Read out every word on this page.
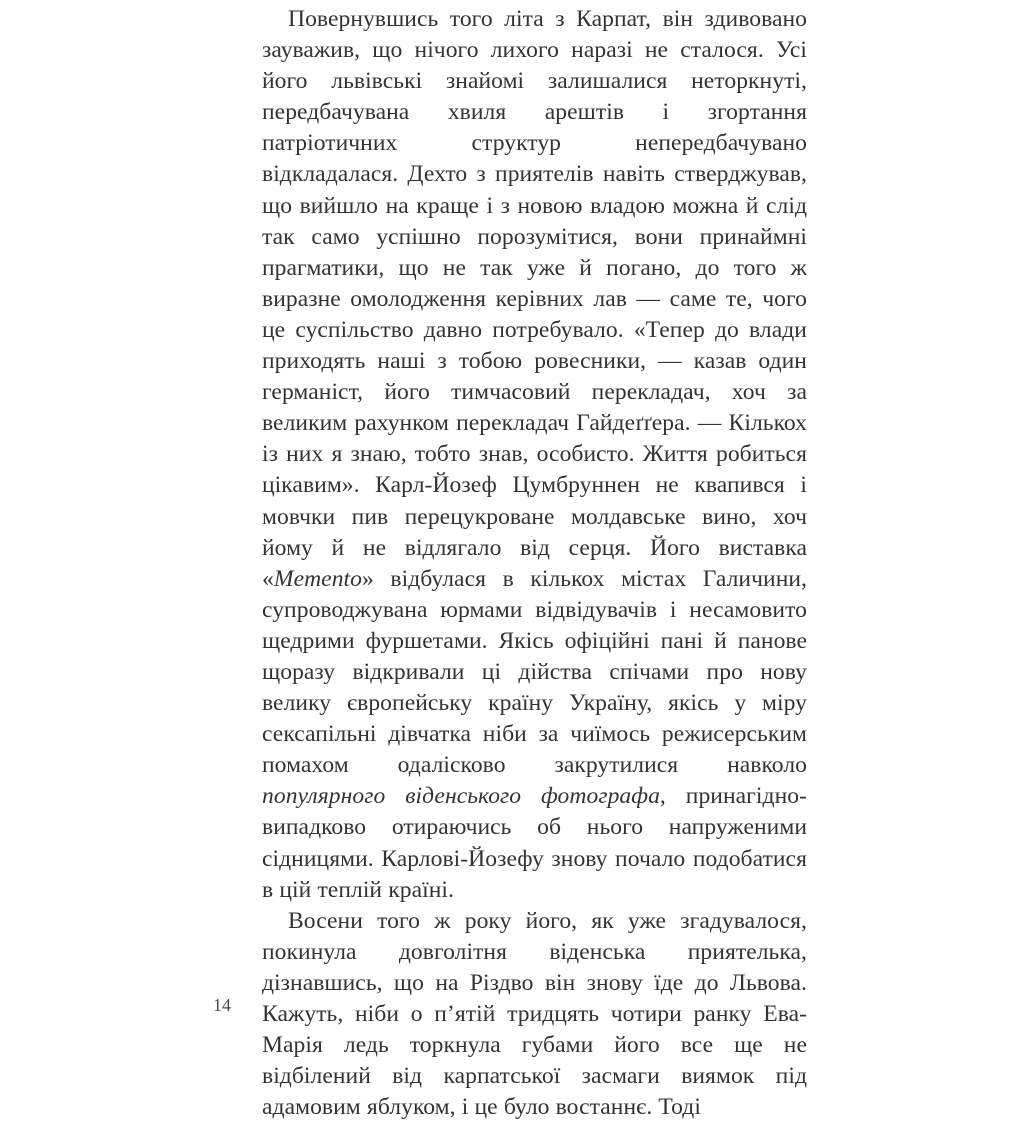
Повернувшись того літа з Карпат, він здивовано зауважив, що нічого лихого наразі не сталося. Усі його львівські знайомі залишалися неторкнуті, передбачувана хвиля арештів і згортання патріотичних структур непередбачувано відкладалася. Дехто з приятелів навіть стверджував, що вийшло на краще і з новою владою можна й слід так само успішно порозумітися, вони принаймні прагматики, що не так уже й погано, до того ж виразне омолодження керівних лав — саме те, чого це суспільство давно потребувало. «Тепер до влади приходять наші з тобою ровесники, — казав один германіст, його тимчасовий перекладач, хоч за великим рахунком перекладач Гайдеґґера. — Кількох із них я знаю, тобто знав, особисто. Життя робиться цікавим». Карл-Йозеф Цумбруннен не квапився і мовчки пив перецукроване молдавське вино, хоч йому й не відлягало від серця. Його виставка «Memento» відбулася в кількох містах Галичини, супроводжувана юрмами відвідувачів і несамовито щедрими фуршетами. Якісь офіційні пані й панове щоразу відкривали ці дійства спічами про нову велику європейську країну Україну, якісь у міру сексапільні дівчатка ніби за чиїмось режисерським помахом одалісково закрутилися навколо популярного віденського фотографа, принагідно-випадково отираючись об нього напруженими сідницями. Карлові-Йозефу знову почало подобатися в цій теплій країні.

Восени того ж року його, як уже згадувалося, покинула довголітня віденська приятелька, дізнавшись, що на Різдво він знову їде до Львова. Кажуть, ніби о п’ятій тридцять чотири ранку Ева-Марія ледь торкнула губами його все ще не відбілений від карпатської засмаги виямок під адамовим яблуком, і це було востаннє. Тоді

14
